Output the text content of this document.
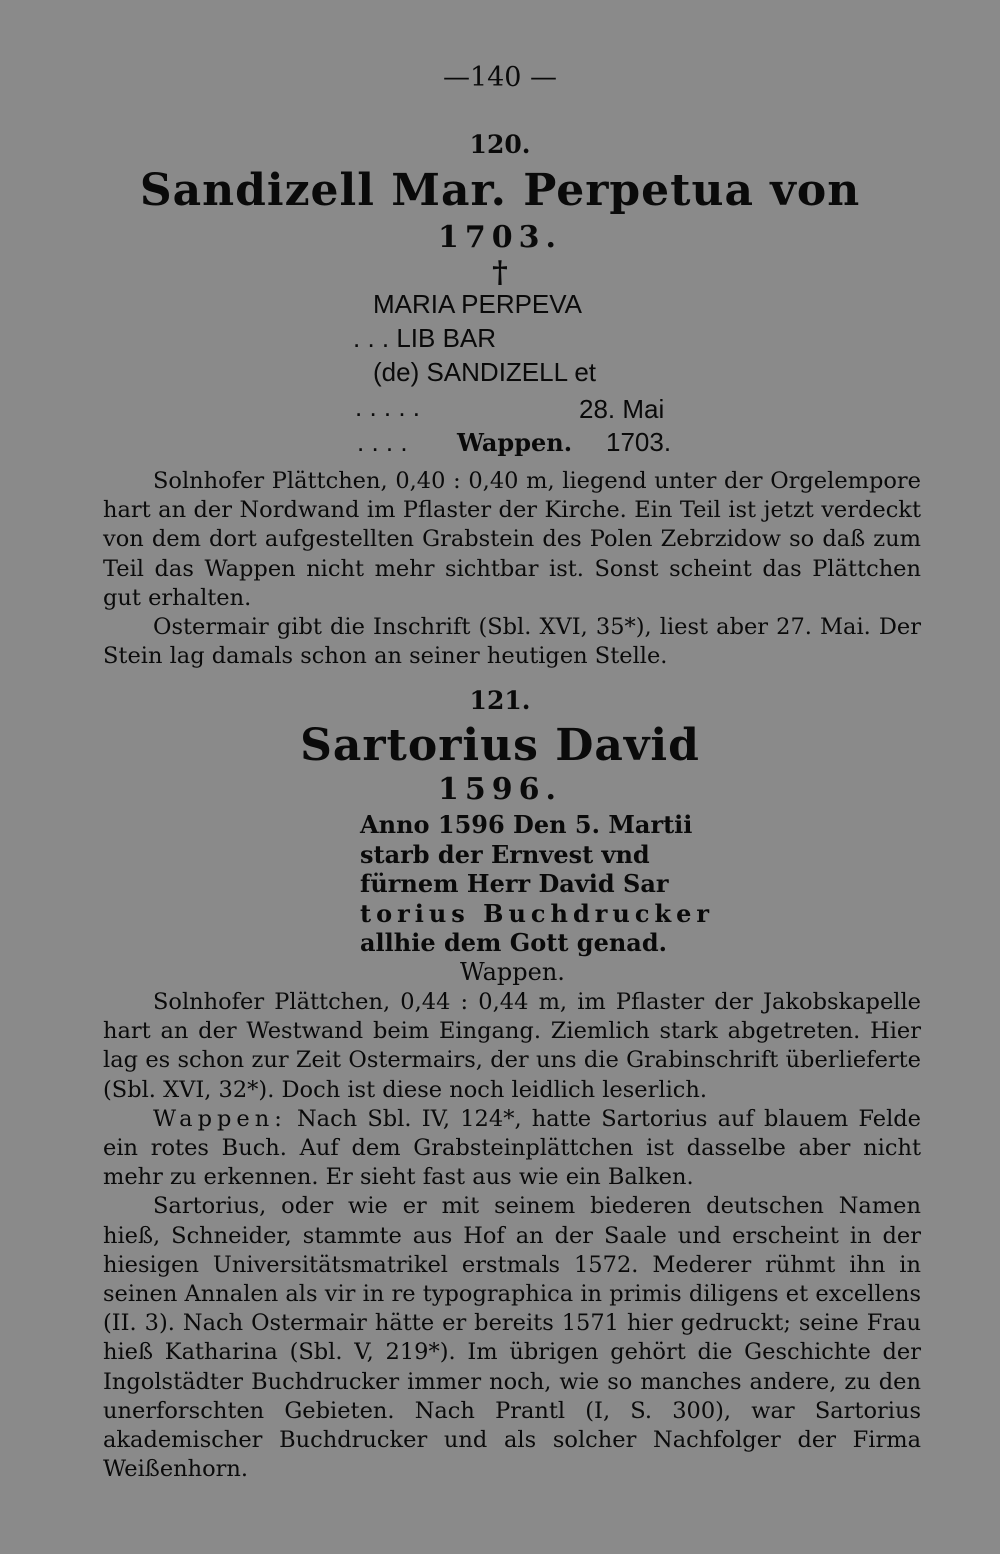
—140 —
120.
Sandizell Mar. Perpetua von
1703.
†
MARIA PERPEVA
. . . LIB BAR
(de) SANDIZELL et
. . . . .	28. Mai
. . . . Wappen. 1703.

Solnhofer Plättchen, 0,40 : 0,40 m, liegend unter der Orgelempore hart an der Nordwand im Pflaster der Kirche. Ein Teil ist jetzt verdeckt von dem dort aufgestellten Grabstein des Polen Zebrzidow so daß zum Teil das Wappen nicht mehr sichtbar ist. Sonst scheint das Plättchen gut erhalten.

Ostermair gibt die Inschrift (Sbl. XVI, 35*), liest aber 27. Mai. Der Stein lag damals schon an seiner heutigen Stelle.

121.
Sartorius David
1596.
Anno 1596 Den 5. Martii
starb der Ernvest vnd
fürnem Herr David Sar
torius Buchdrucker
allhie dem Gott genad.
Wappen.

Solnhofer Plättchen, 0,44 : 0,44 m, im Pflaster der Jakobskapelle hart an der Westwand beim Eingang. Ziemlich stark abgetreten. Hier lag es schon zur Zeit Ostermairs, der uns die Grabinschrift überlieferte (Sbl. XVI, 32*). Doch ist diese noch leidlich leserlich.

Wappen: Nach Sbl. IV, 124*, hatte Sartorius auf blauem Felde ein rotes Buch. Auf dem Grabsteinplättchen ist dasselbe aber nicht mehr zu erkennen. Er sieht fast aus wie ein Balken.

Sartorius, oder wie er mit seinem biederen deutschen Namen hieß, Schneider, stammte aus Hof an der Saale und erscheint in der hiesigen Universitätsmatrikel erstmals 1572. Mederer rühmt ihn in seinen Annalen als vir in re typographica in primis diligens et excellens (II. 3). Nach Ostermair hätte er bereits 1571 hier gedruckt; seine Frau hieß Katharina (Sbl. V, 219*). Im übrigen gehört die Geschichte der Ingolstädter Buchdrucker immer noch, wie so manches andere, zu den unerforschten Gebieten. Nach Prantl (I, S. 300), war Sartorius akademischer Buchdrucker und als solcher Nachfolger der Firma Weißenhorn.
